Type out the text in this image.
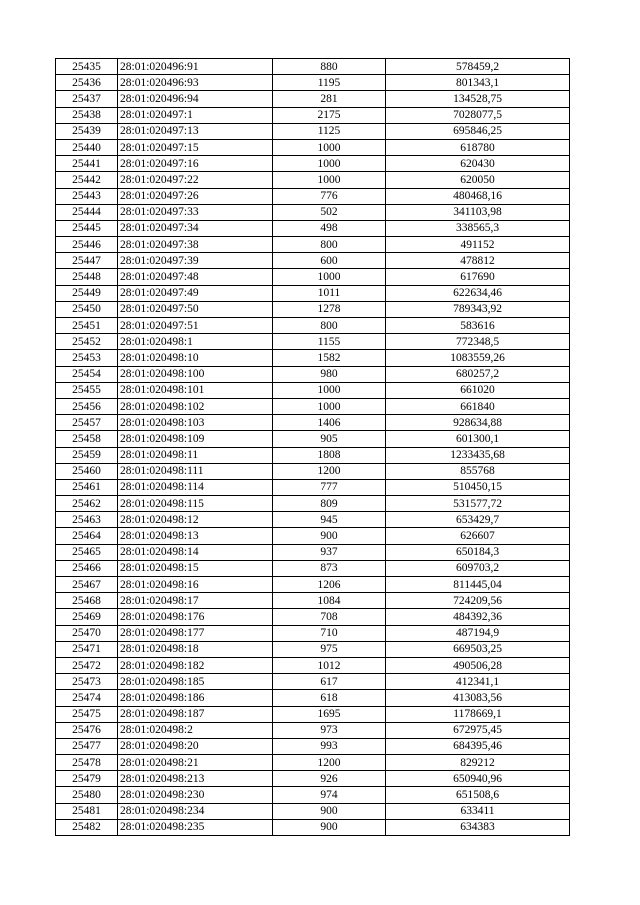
25435	28:01:020496:91	880	578459,2
25436	28:01:020496:93	1195	801343,1
25437	28:01:020496:94	281	134528,75
25438	28:01:020497:1	2175	7028077,5
25439	28:01:020497:13	1125	695846,25
25440	28:01:020497:15	1000	618780
25441	28:01:020497:16	1000	620430
25442	28:01:020497:22	1000	620050
25443	28:01:020497:26	776	480468,16
25444	28:01:020497:33	502	341103,98
25445	28:01:020497:34	498	338565,3
25446	28:01:020497:38	800	491152
25447	28:01:020497:39	600	478812
25448	28:01:020497:48	1000	617690
25449	28:01:020497:49	1011	622634,46
25450	28:01:020497:50	1278	789343,92
25451	28:01:020497:51	800	583616
25452	28:01:020498:1	1155	772348,5
25453	28:01:020498:10	1582	1083559,26
25454	28:01:020498:100	980	680257,2
25455	28:01:020498:101	1000	661020
25456	28:01:020498:102	1000	661840
25457	28:01:020498:103	1406	928634,88
25458	28:01:020498:109	905	601300,1
25459	28:01:020498:11	1808	1233435,68
25460	28:01:020498:111	1200	855768
25461	28:01:020498:114	777	510450,15
25462	28:01:020498:115	809	531577,72
25463	28:01:020498:12	945	653429,7
25464	28:01:020498:13	900	626607
25465	28:01:020498:14	937	650184,3
25466	28:01:020498:15	873	609703,2
25467	28:01:020498:16	1206	811445,04
25468	28:01:020498:17	1084	724209,56
25469	28:01:020498:176	708	484392,36
25470	28:01:020498:177	710	487194,9
25471	28:01:020498:18	975	669503,25
25472	28:01:020498:182	1012	490506,28
25473	28:01:020498:185	617	412341,1
25474	28:01:020498:186	618	413083,56
25475	28:01:020498:187	1695	1178669,1
25476	28:01:020498:2	973	672975,45
25477	28:01:020498:20	993	684395,46
25478	28:01:020498:21	1200	829212
25479	28:01:020498:213	926	650940,96
25480	28:01:020498:230	974	651508,6
25481	28:01:020498:234	900	633411
25482	28:01:020498:235	900	634383
